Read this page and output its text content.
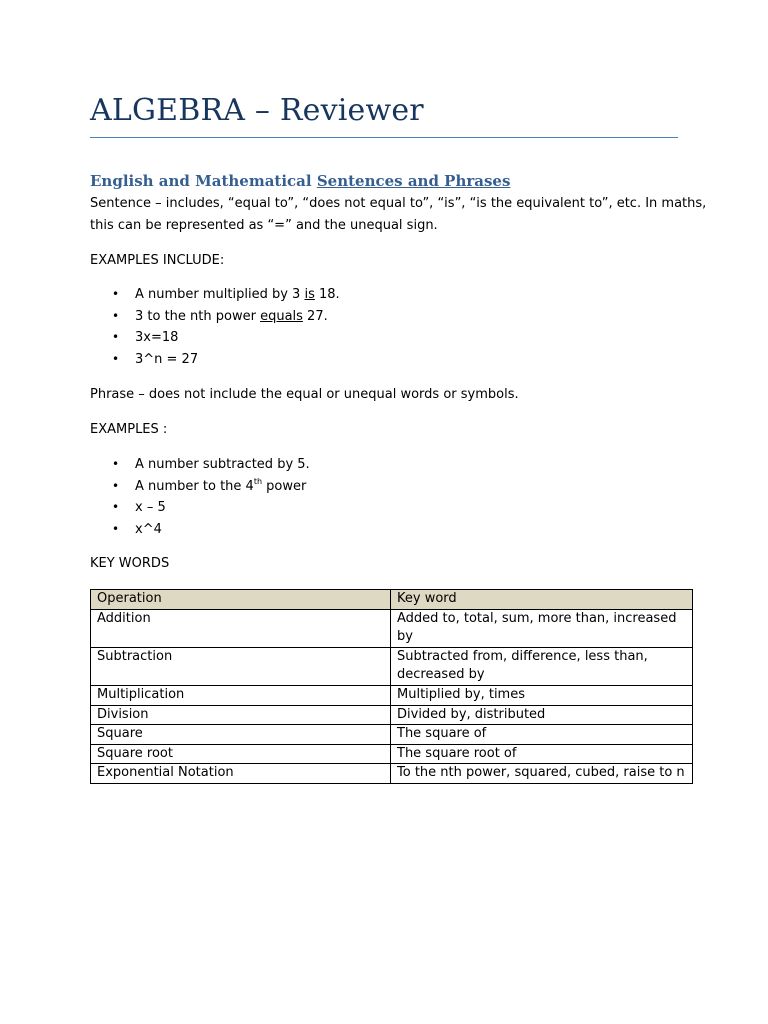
ALGEBRA – Reviewer
English and Mathematical Sentences and Phrases
Sentence – includes, “equal to”, “does not equal to”, “is”, “is the equivalent to”, etc. In maths,
this can be represented as “=” and the unequal sign.
EXAMPLES INCLUDE:
• A number multiplied by 3 is 18.
• 3 to the nth power equals 27.
• 3x=18
• 3^n = 27
Phrase – does not include the equal or unequal words or symbols.
EXAMPLES :
• A number subtracted by 5.
• A number to the 4th power
• x – 5
• x^4
KEY WORDS
Operation	Key word
Addition	Added to, total, sum, more than, increased by
Subtraction	Subtracted from, difference, less than, decreased by
Multiplication	Multiplied by, times
Division	Divided by, distributed
Square	The square of
Square root	The square root of
Exponential Notation	To the nth power, squared, cubed, raise to n
